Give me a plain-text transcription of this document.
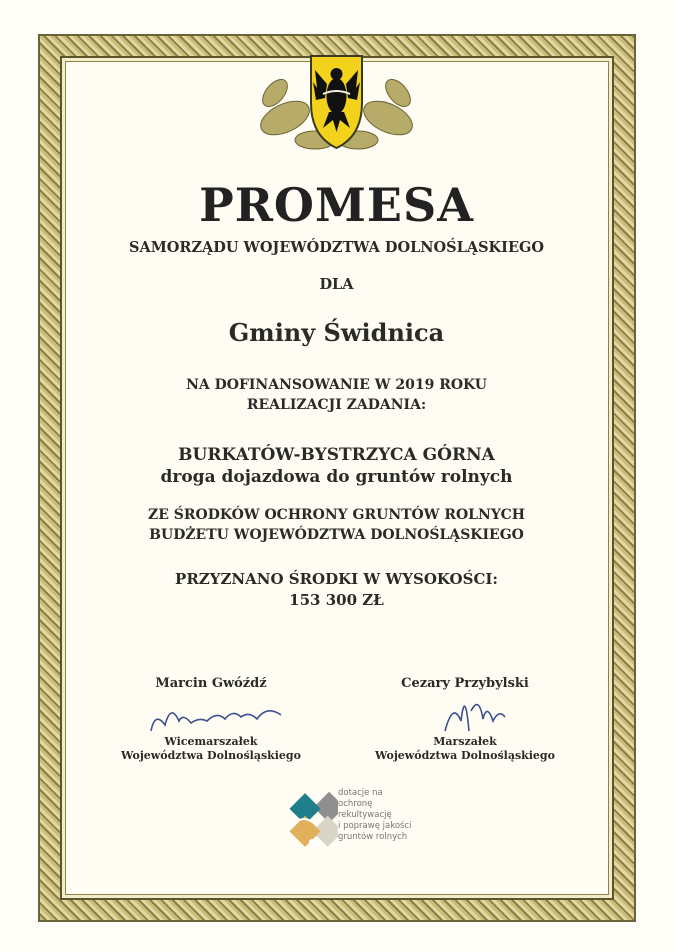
PROMESA

SAMORZĄDU WOJEWÓDZTWA DOLNOŚLĄSKIEGO

DLA

Gminy Świdnica

NA DOFINANSOWANIE W 2019 ROKU
REALIZACJI ZADANIA:
BURKATÓW-BYSTRZYCA GÓRNA
droga dojazdowa do gruntów rolnych
ZE ŚRODKÓW OCHRONY GRUNTÓW ROLNYCH
BUDŻETU WOJEWÓDZTWA DOLNOŚLĄSKIEGO
PRZYZNANO ŚRODKI W WYSOKOŚCI:
153 300 ZŁ

Marcin Gwóźdź

Wicemarszałek

Województwa Dolnośląskiego

Cezary Przybylski

Marszałek

Województwa Dolnośląskiego

dotacje na
ochronę
rekultywację
i poprawę jakości
gruntów rolnych
